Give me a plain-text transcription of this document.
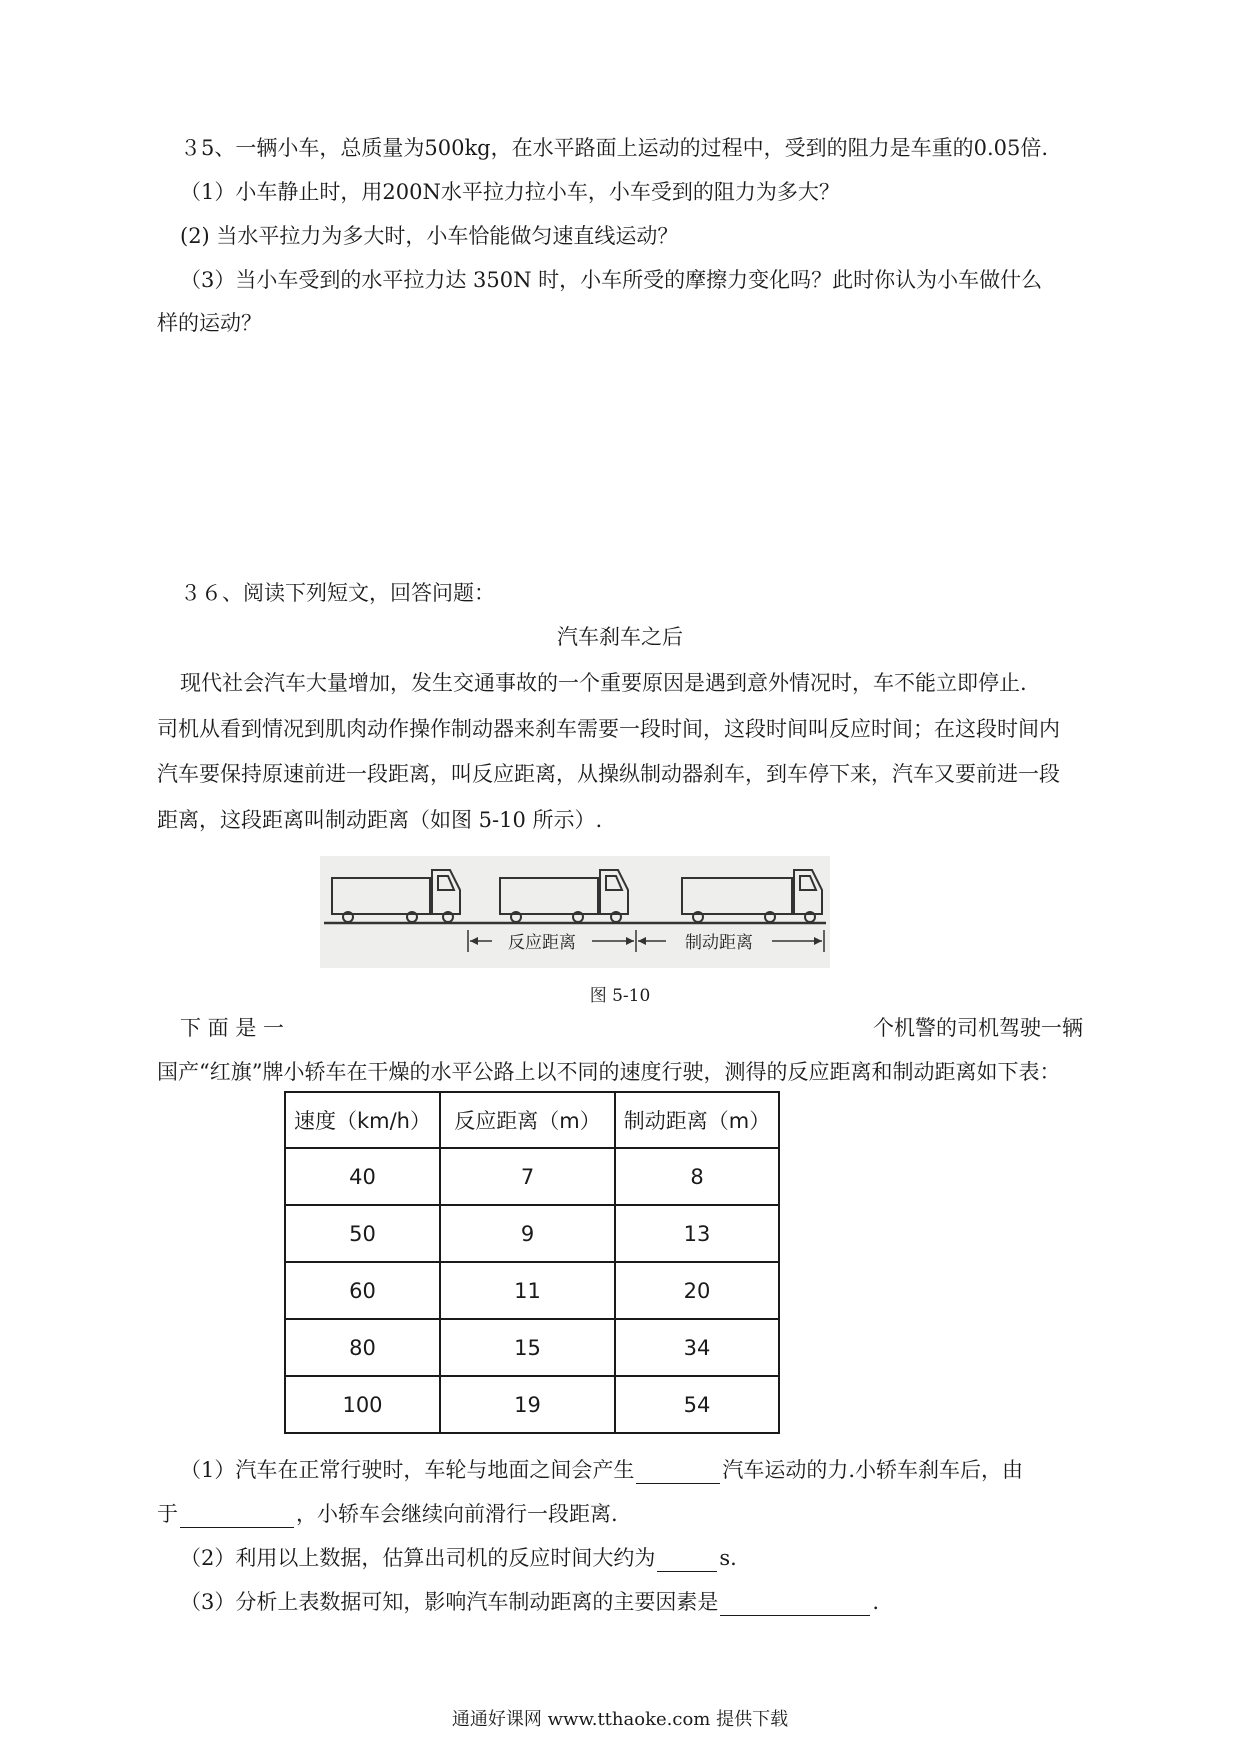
３5、一辆小车，总质量为500kg，在水平路面上运动的过程中，受到的阻力是车重的0.05倍.
（1）小车静止时，用200N水平拉力拉小车，小车受到的阻力为多大？
(2) 当水平拉力为多大时，小车恰能做匀速直线运动？
（3）当小车受到的水平拉力达 350N 时，小车所受的摩擦力变化吗？此时你认为小车做什么
样的运动？
３６、阅读下列短文，回答问题：
汽车刹车之后
现代社会汽车大量增加，发生交通事故的一个重要原因是遇到意外情况时，车不能立即停止.
司机从看到情况到肌肉动作操作制动器来刹车需要一段时间，这段时间叫反应时间；在这段时间内
汽车要保持原速前进一段距离，叫反应距离，从操纵制动器刹车，到车停下来，汽车又要前进一段
距离，这段距离叫制动距离（如图 5-10 所示）.
反应距离	制动距离
图 5-10
下 面 是 一	个机警的司机驾驶一辆
国产“红旗”牌小轿车在干燥的水平公路上以不同的速度行驶，测得的反应距离和制动距离如下表：
速度（km/h）	反应距离（m）	制动距离（m）
40	7	8
50	9	13
60	11	20
80	15	34
100	19	54
（1）汽车在正常行驶时，车轮与地面之间会产生	汽车运动的力.小轿车刹车后，由
于	，小轿车会继续向前滑行一段距离.
（2）利用以上数据，估算出司机的反应时间大约为	s.
（3）分析上表数据可知，影响汽车制动距离的主要因素是	.
通通好课网 www.tthaoke.com 提供下载
